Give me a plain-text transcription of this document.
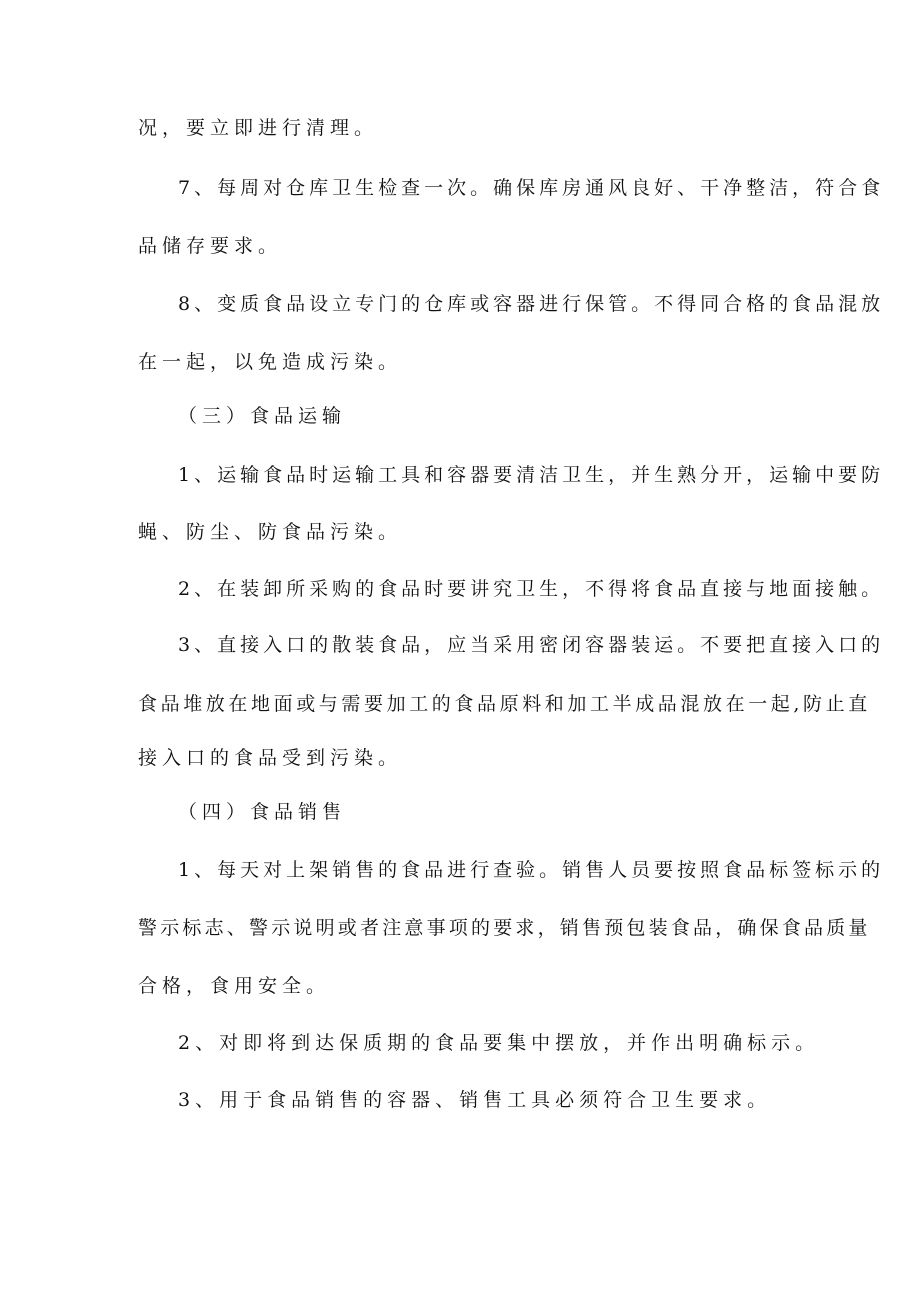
况，要立即进行清理。
7、每周对仓库卫生检查一次。确保库房通风良好、干净整洁，符合食
品储存要求。
8、变质食品设立专门的仓库或容器进行保管。不得同合格的食品混放
在一起，以免造成污染。
（三）食品运输
1、运输食品时运输工具和容器要清洁卫生，并生熟分开，运输中要防
蝇、防尘、防食品污染。
2、在装卸所采购的食品时要讲究卫生，不得将食品直接与地面接触。
3、直接入口的散装食品，应当采用密闭容器装运。不要把直接入口的
食品堆放在地面或与需要加工的食品原料和加工半成品混放在一起,防止直
接入口的食品受到污染。
（四）食品销售
1、每天对上架销售的食品进行查验。销售人员要按照食品标签标示的
警示标志、警示说明或者注意事项的要求，销售预包装食品，确保食品质量
合格，食用安全。
2、对即将到达保质期的食品要集中摆放，并作出明确标示。
3、用于食品销售的容器、销售工具必须符合卫生要求。
